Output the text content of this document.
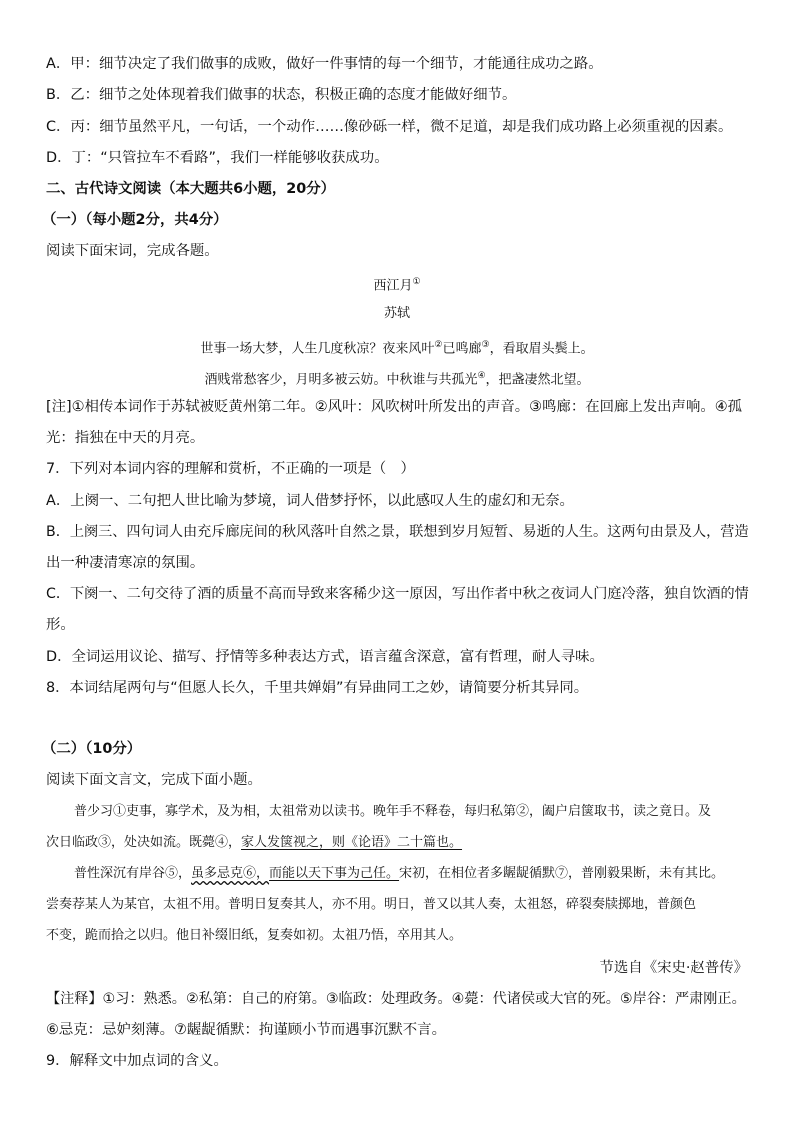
A．甲：细节决定了我们做事的成败，做好一件事情的每一个细节，才能通往成功之路。
B．乙：细节之处体现着我们做事的状态，积极正确的态度才能做好细节。
C．丙：细节虽然平凡，一句话，一个动作……像砂砾一样，微不足道，却是我们成功路上必须重视的因素。
D．丁：“只管拉车不看路”，我们一样能够收获成功。
二、古代诗文阅读（本大题共6小题，20分）
（一）（每小题2分，共4分）
阅读下面宋词，完成各题。
西江月①
苏轼
世事一场大梦，人生几度秋凉？夜来风叶②已鸣廊③，看取眉头鬓上。
酒贱常愁客少，月明多被云妨。中秋谁与共孤光④，把盏凄然北望。
[注]①相传本词作于苏轼被贬黄州第二年。②风叶：风吹树叶所发出的声音。③鸣廊：在回廊上发出声响。④孤
光：指独在中天的月亮。
7．下列对本词内容的理解和赏析，不正确的一项是（　）
A．上阕一、二句把人世比喻为梦境，词人借梦抒怀，以此感叹人生的虚幻和无奈。
B．上阕三、四句词人由充斥廊庑间的秋风落叶自然之景，联想到岁月短暂、易逝的人生。这两句由景及人，营造
出一种凄清寒凉的氛围。
C．下阕一、二句交待了酒的质量不高而导致来客稀少这一原因，写出作者中秋之夜词人门庭冷落，独自饮酒的情
形。
D．全词运用议论、描写、抒情等多种表达方式，语言蕴含深意，富有哲理，耐人寻味。
8．本词结尾两句与“但愿人长久，千里共婵娟”有异曲同工之妙，请简要分析其异同。
（二）（10分）
阅读下面文言文，完成下面小题。
普少习①吏事，寡学术，及为相，太祖常劝以读书。晚年手不释卷，每归私第②，阖户启箧取书，读之竟日。及
次日临政③，处决如流。既薨④，家人发箧视之，则《论语》二十篇也。
普性深沉有岸谷⑤，虽多忌克⑥，而能以天下事为己任。宋初，在相位者多龌龊循默⑦，普刚毅果断，未有其比。
尝奏荐某人为某官，太祖不用。普明日复奏其人，亦不用。明日，普又以其人奏，太祖怒，碎裂奏牍掷地，普颜色
不变，跪而拾之以归。他日补缀旧纸，复奏如初。太祖乃悟，卒用其人。
节选自《宋史·赵普传》
【注释】①习：熟悉。②私第：自己的府第。③临政：处理政务。④薨：代诸侯或大官的死。⑤岸谷：严肃刚正。
⑥忌克：忌妒刻薄。⑦龌龊循默：拘谨顾小节而遇事沉默不言。
9．解释文中加点词的含义。
